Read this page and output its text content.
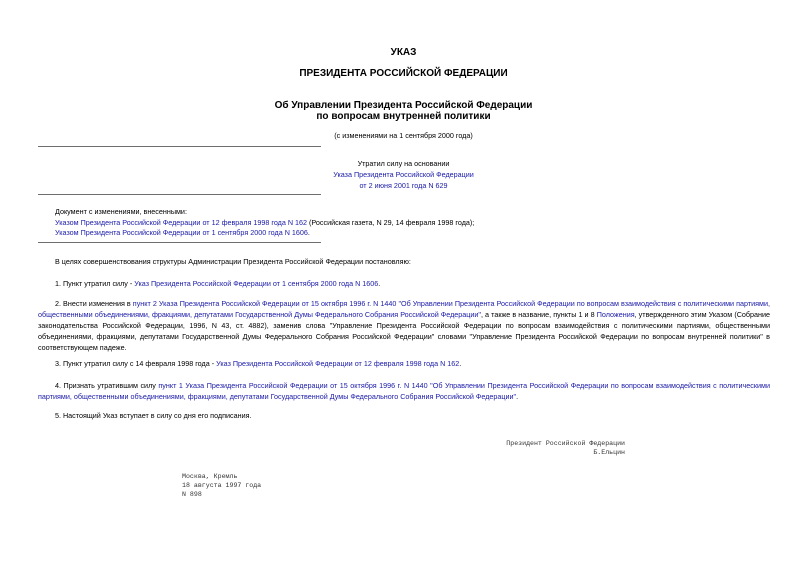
УКАЗ
ПРЕЗИДЕНТА РОССИЙСКОЙ ФЕДЕРАЦИИ
Об Управлении Президента Российской Федерации
по вопросам внутренней политики
(с изменениями на 1 сентября 2000 года)
Утратил силу на основании
Указа Президента Российской Федерации
от 2 июня 2001 года N 629
Документ с изменениями, внесенными:
Указом Президента Российской Федерации от 12 февраля 1998 года N 162 (Российская газета, N 29, 14 февраля 1998 года);
Указом Президента Российской Федерации от 1 сентября 2000 года N 1606.
В целях совершенствования структуры Администрации Президента Российской Федерации постановляю:
1. Пункт утратил силу - Указ Президента Российской Федерации от 1 сентября 2000 года N 1606.
2. Внести изменения в пункт 2 Указа Президента Российской Федерации от 15 октября 1996 г. N 1440 "Об Управлении Президента Российской Федерации по вопросам взаимодействия с политическими партиями, общественными объединениями, фракциями, депутатами Государственной Думы Федерального Собрания Российской Федерации", а также в название, пункты 1 и 8 Положения, утвержденного этим Указом (Собрание законодательства Российской Федерации, 1996, N 43, ст. 4882), заменив слова "Управление Президента Российской Федерации по вопросам взаимодействия с политическими партиями, общественными объединениями, фракциями, депутатами Государственной Думы Федерального Собрания Российской Федерации" словами "Управление Президента Российской Федерации по вопросам внутренней политики" в соответствующем падеже.
3. Пункт утратил силу с 14 февраля 1998 года - Указ Президента Российской Федерации от 12 февраля 1998 года N 162.
4. Признать утратившим силу пункт 1 Указа Президента Российской Федерации от 15 октября 1996 г. N 1440 "Об Управлении Президента Российской Федерации по вопросам взаимодействия с политическими партиями, общественными объединениями, фракциями, депутатами Государственной Думы Федерального Собрания Российской Федерации".
5. Настоящий Указ вступает в силу со дня его подписания.
Президент Российской Федерации
Б.Ельцин
Москва, Кремль
18 августа 1997 года
N 898
